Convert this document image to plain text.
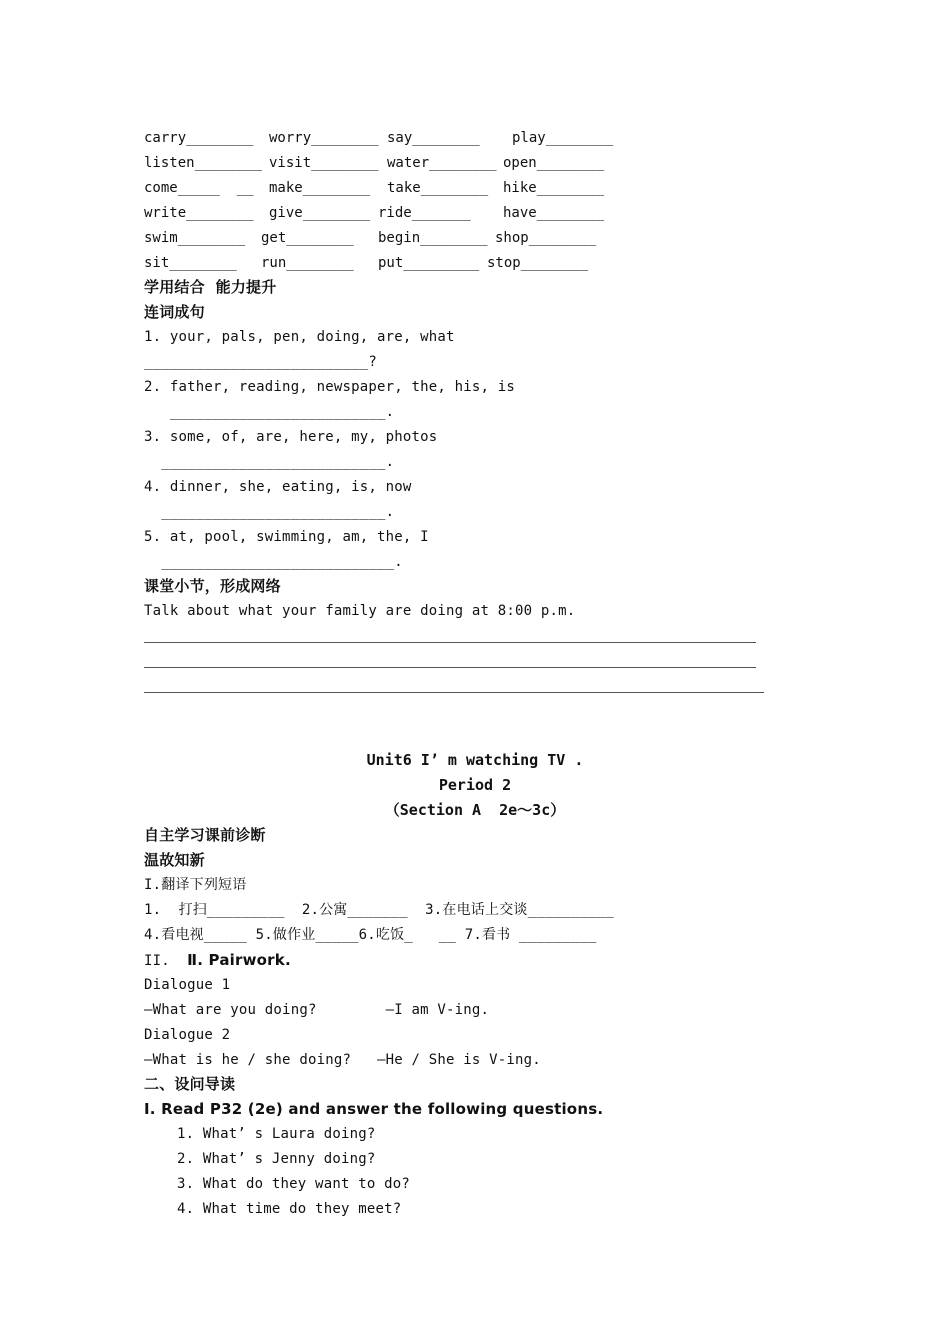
carry________ worry________ say________ play________
listen________ visit________ water________ open________
come_____  __ make________ take________ hike________
write________ give________ ride_______ have________
swim________ get________ begin________ shop________
sit________ run________ put_________ stop________
学用结合  能力提升
连词成句
1. your, pals, pen, doing, are, what
__________________________?
2. father, reading, newspaper, the, his, is
_________________________.
3. some, of, are, here, my, photos
__________________________.
4. dinner, she, eating, is, now
__________________________.
5. at, pool, swimming, am, the, I
___________________________.
课堂小节，形成网络
Talk about what your family are doing at 8:00 p.m.
Unit6 I’ m watching TV .
Period 2
（Section A  2e～3c）
自主学习课前诊断
温故知新
I.翻译下列短语
1.  打扫_________  2.公寓_______  3.在电话上交谈__________
4.看电视_____ 5.做作业_____6.吃饭_   __ 7.看书 _________
II.  Ⅱ. Pairwork.
Dialogue 1
—What are you doing?        —I am V-ing.
Dialogue 2
—What is he / she doing?   —He / She is V-ing.
二、设问导读
Ⅰ. Read P32 (2e) and answer the following questions.
1. What’ s Laura doing?
2. What’ s Jenny doing?
3. What do they want to do?
4. What time do they meet?
